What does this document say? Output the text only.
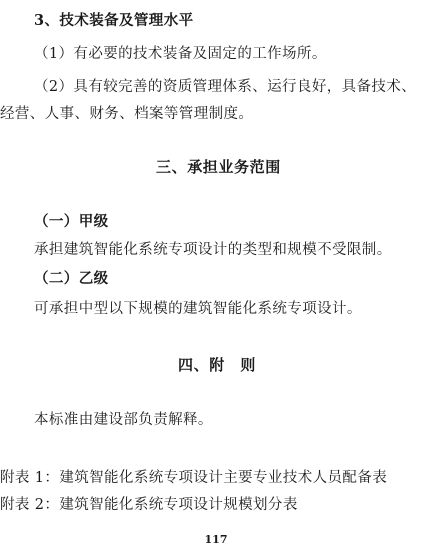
3、技术装备及管理水平
（1）有必要的技术装备及固定的工作场所。
（2）具有较完善的资质管理体系、运行良好，具备技术、
经营、人事、财务、档案等管理制度。
三、承担业务范围
（一）甲级
承担建筑智能化系统专项设计的类型和规模不受限制。
（二）乙级
可承担中型以下规模的建筑智能化系统专项设计。
四、附　则
本标准由建设部负责解释。
附表 1：建筑智能化系统专项设计主要专业技术人员配备表
附表 2：建筑智能化系统专项设计规模划分表
117
